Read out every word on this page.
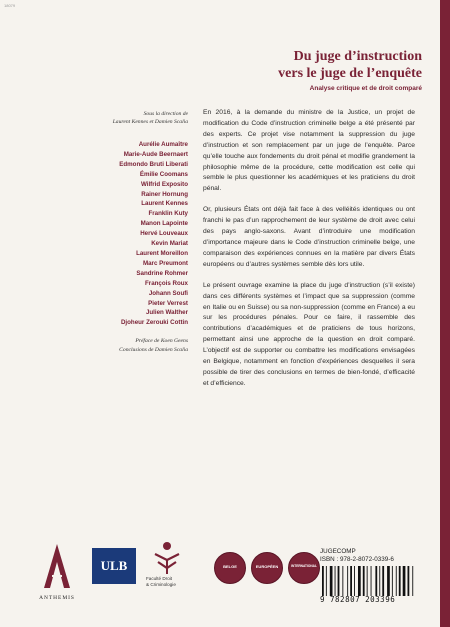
18079
Du juge d’instruction
vers le juge de l’enquête
Analyse critique et de droit comparé
Sous la direction de
Laurent Kennes et Damien Scalia
Aurélie Aumaître
Marie-Aude Beernaert
Edmondo Bruti Liberati
Émilie Coomans
Wilfrid Exposito
Rainer Hornung
Laurent Kennes
Franklin Kuty
Manon Lapointe
Hervé Louveaux
Kevin Mariat
Laurent Moreillon
Marc Preumont
Sandrine Rohmer
François Roux
Johann Soufi
Pieter Verrest
Julien Walther
Djoheur Zerouki Cottin
Préface de Koen Geens
Conclusions de Damien Scalia

En 2016, à la demande du ministre de la Justice, un projet de modification du Code d’instruction criminelle belge a été présenté par des experts. Ce projet vise notamment la suppression du juge d’instruction et son remplacement par un juge de l’enquête. Parce qu’elle touche aux fondements du droit pénal et modifie grandement la philosophie même de la procédure, cette modification est celle qui semble le plus questionner les académiques et les praticiens du droit pénal.

Or, plusieurs États ont déjà fait face à des velléités identiques ou ont franchi le pas d’un rapprochement de leur système de droit avec celui des pays anglo-saxons. Avant d’introduire une modification d’importance majeure dans le Code d’instruction criminelle belge, une comparaison des expériences connues en la matière par divers États européens ou d’autres systèmes semble dès lors utile.

Le présent ouvrage examine la place du juge d’instruction (s’il existe) dans ces différents systèmes et l’impact que sa suppression (comme en Italie ou en Suisse) ou sa non-suppression (comme en France) a eu sur les procédures pénales. Pour ce faire, il rassemble des contributions d’académiques et de praticiens de tous horizons, permettant ainsi une approche de la question en droit comparé. L’objectif est de supporter ou combattre les modifications envisagées en Belgique, notamment en fonction d’expériences desquelles il sera possible de tirer des conclusions en termes de bien-fondé, d’efficacité et d’efficience.

ANTHEMIS
ULB
Faculté Droit
& Criminologie
BELGE	EUROPÉEN	INTERNATIONAL
JUGECOMP
ISBN : 978-2-8072-0339-6
9 782807 203396
